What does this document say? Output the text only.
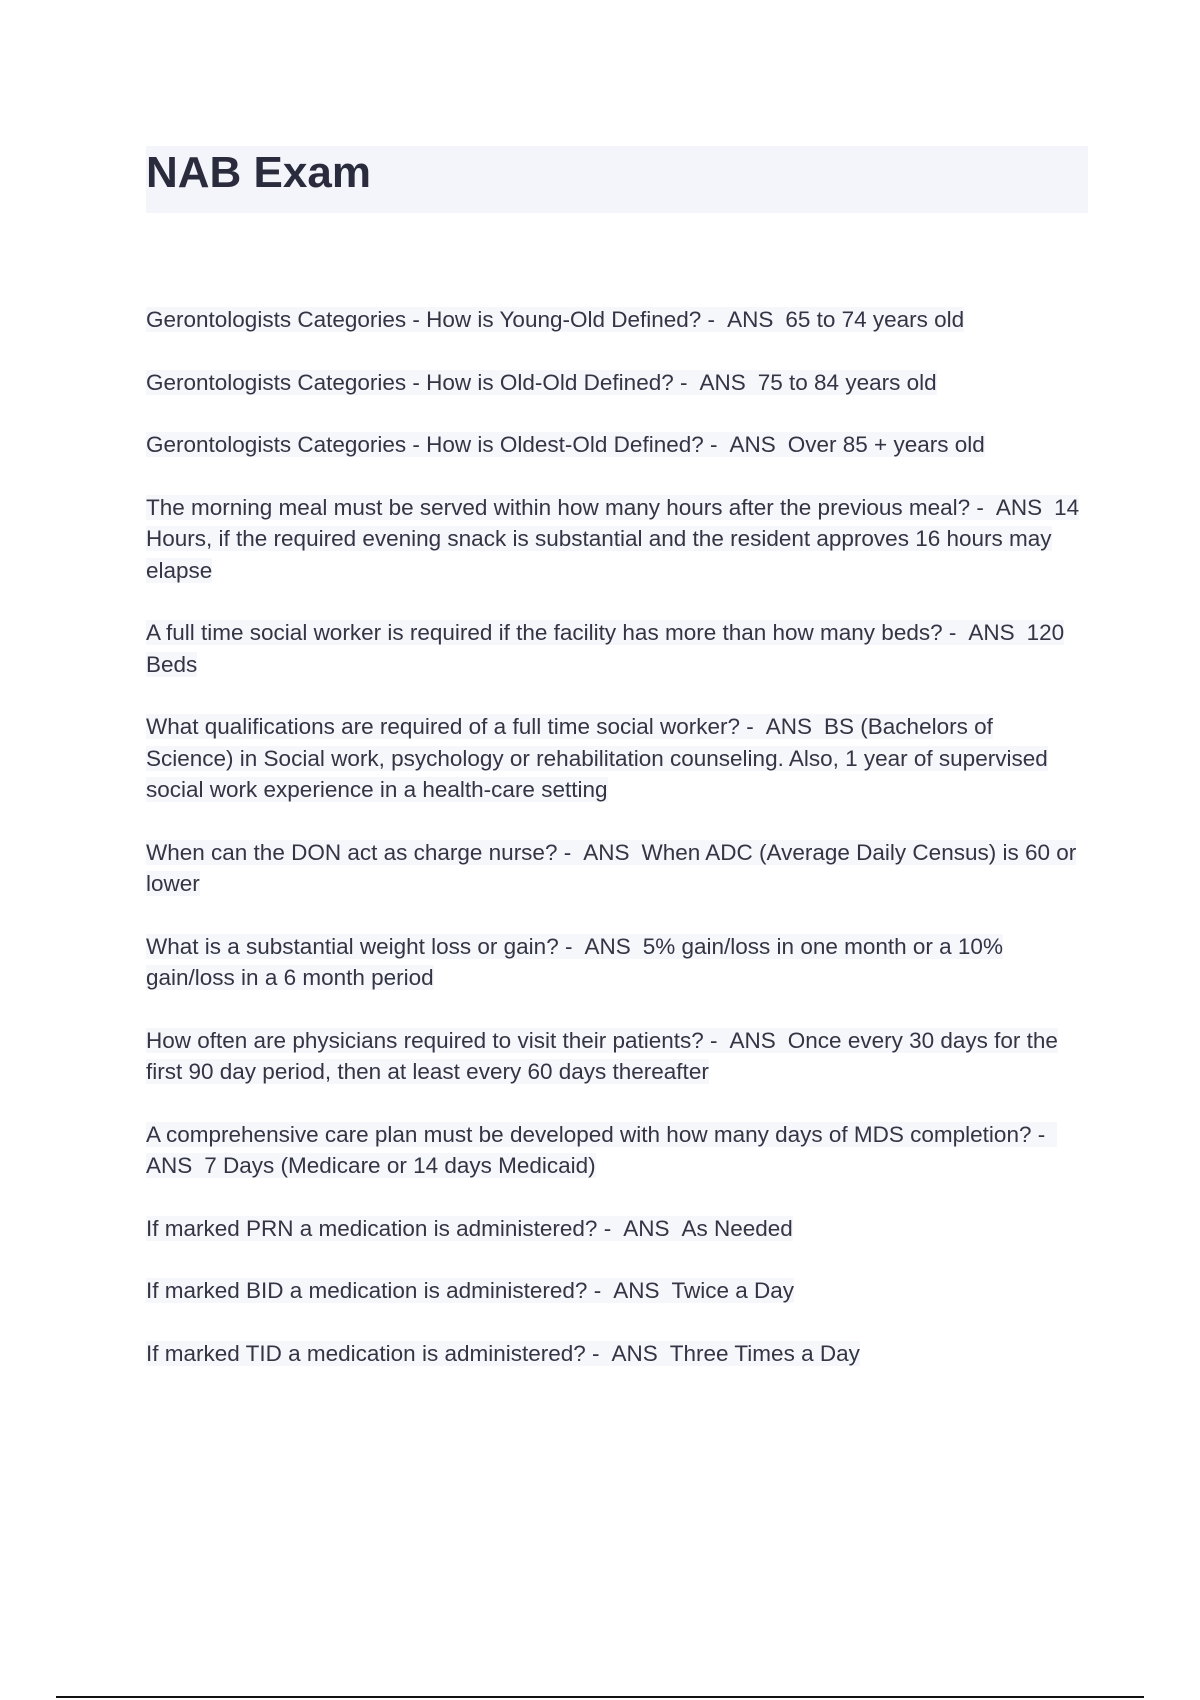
NAB Exam

Gerontologists Categories - How is Young-Old Defined? - ANS 65 to 74 years old

Gerontologists Categories - How is Old-Old Defined? - ANS 75 to 84 years old

Gerontologists Categories - How is Oldest-Old Defined? - ANS Over 85 + years old

The morning meal must be served within how many hours after the previous meal? - ANS 14 Hours, if the required evening snack is substantial and the resident approves 16 hours may elapse

A full time social worker is required if the facility has more than how many beds? - ANS 120 Beds

What qualifications are required of a full time social worker? - ANS BS (Bachelors of Science) in Social work, psychology or rehabilitation counseling. Also, 1 year of supervised social work experience in a health-care setting

When can the DON act as charge nurse? - ANS When ADC (Average Daily Census) is 60 or lower

What is a substantial weight loss or gain? - ANS 5% gain/loss in one month or a 10% gain/loss in a 6 month period

How often are physicians required to visit their patients? - ANS Once every 30 days for the first 90 day period, then at least every 60 days thereafter

A comprehensive care plan must be developed with how many days of MDS completion? -ANS 7 Days (Medicare or 14 days Medicaid)

If marked PRN a medication is administered? - ANS As Needed

If marked BID a medication is administered? - ANS Twice a Day

If marked TID a medication is administered? - ANS Three Times a Day
